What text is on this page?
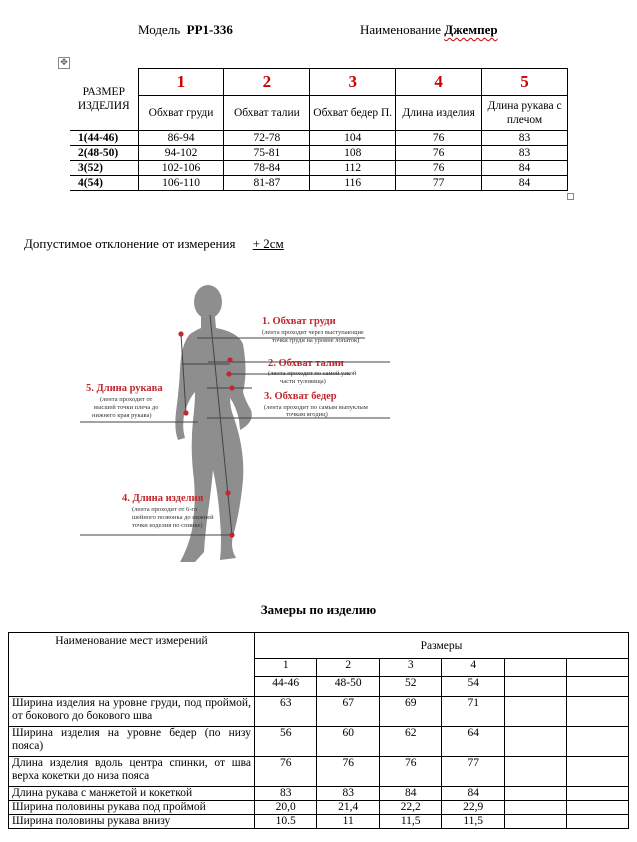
Модель PP1-336	Наименование Джемпер
✥
РАЗМЕР ИЗДЕЛИЯ	1	2	3	4	5
	Обхват груди	Обхват талии	Обхват бедер П.	Длина изделия	Длина рукава с плечом
1(44-46)	86-94	72-78	104	76	83
2(48-50)	94-102	75-81	108	76	83
3(52)	102-106	78-84	112	76	84
4(54)	106-110	81-87	116	77	84
Допустимое отклонение от измерения + 2см
1. Обхват груди
(лента проходит через выступающие
точки груди на уровне лопаток)
2. Обхват талии
(лента проходит по самой узкой
части туловища)
3. Обхват бедер
(лента проходит по самым выпуклым
точкам ягодиц)
4. Длина изделия
(лента проходит от 6-го
шейного позвонка до нижней
точки изделия по спинке)
5. Длина рукава
(лента проходит от
высшей точки плеча до
нижнего края рукава)
Замеры по изделию
Наименование мест измерений	Размеры					
	1	2	3	4		
	44-46	48-50	52	54		
Ширина изделия на уровне груди, под проймой, от бокового до бокового шва	63	67	69	71		
Ширина изделия на уровне бедер (по низу пояса)	56	60	62	64		
Длина изделия вдоль центра спинки, от шва верха кокетки до низа пояса	76	76	76	77		
Длина рукава с манжетой и кокеткой	83	83	84	84		
Ширина половины рукава под проймой	20,0	21,4	22,2	22,9		
Ширина половины рукава внизу	10.5	11	11,5	11,5		
